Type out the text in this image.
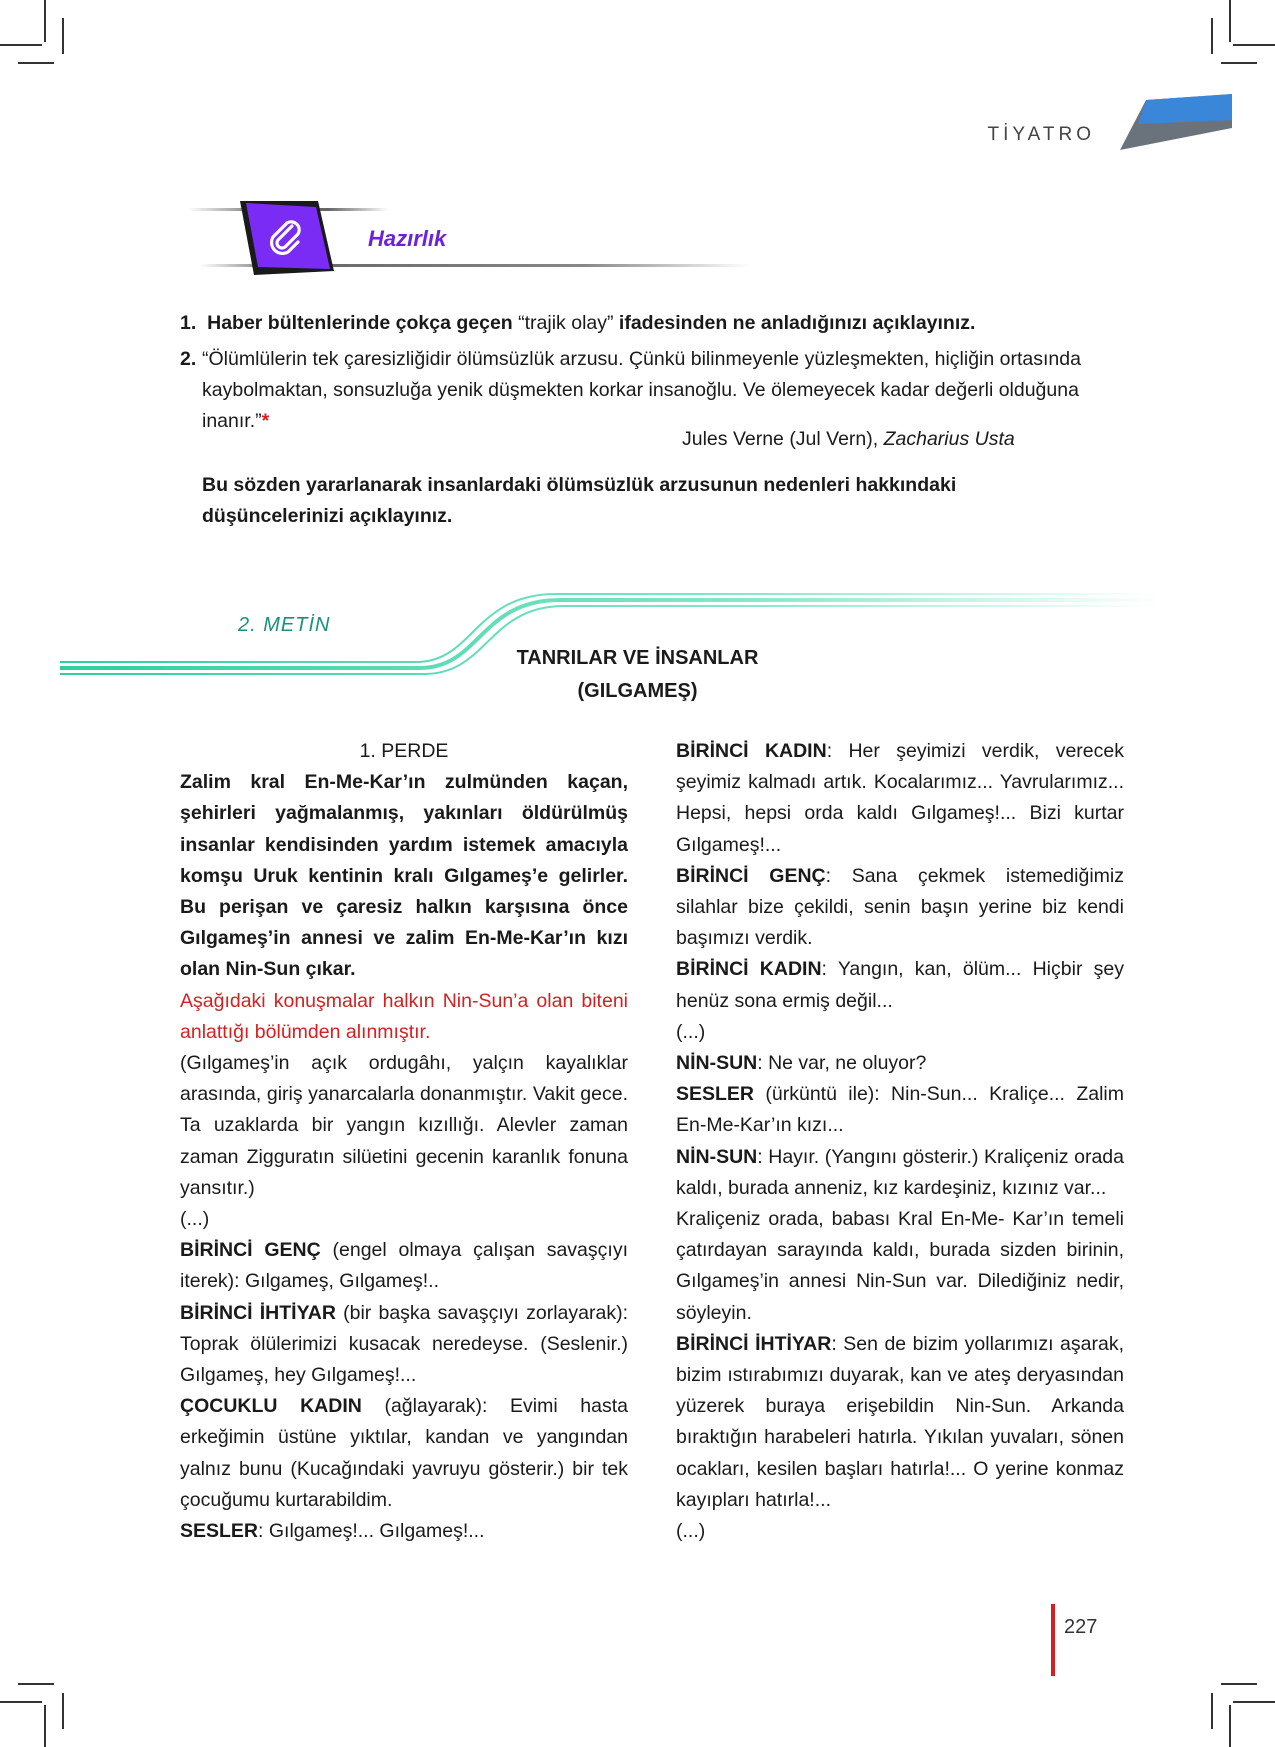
TİYATRO
Hazırlık
1. Haber bültenlerinde çokça geçen “trajik olay” ifadesinden ne anladığınızı açıklayınız.
2. “Ölümlülerin tek çaresizliğidir ölümsüzlük arzusu. Çünkü bilinmeyenle yüzleşmekten, hiçliğin ortasında kaybolmaktan, sonsuzluğa yenik düşmekten korkar insanoğlu. Ve ölemeyecek kadar değerli olduğuna inanır.”*
Jules Verne (Jul Vern), Zacharius Usta
Bu sözden yararlanarak insanlardaki ölümsüzlük arzusunun nedenleri hakkındaki düşüncelerinizi açıklayınız.
2. METİN
TANRILAR VE İNSANLAR
(GILGAMEŞ)

1. PERDE

Zalim kral En-Me-Kar’ın zulmünden kaçan, şehirleri yağmalanmış, yakınları öldürülmüş insanlar kendisinden yardım istemek amacıyla komşu Uruk kentinin kralı Gılgameş’e gelirler. Bu perişan ve çaresiz halkın karşısına önce Gılgameş’in annesi ve zalim En-Me-Kar’ın kızı olan Nin-Sun çıkar.

Aşağıdaki konuşmalar halkın Nin-Sun’a olan biteni anlattığı bölümden alınmıştır.

(Gılgameş’in açık ordugâhı, yalçın kayalıklar arasında, giriş yanarcalarla donanmıştır. Vakit gece. Ta uzaklarda bir yangın kızıllığı. Alevler zaman zaman Zigguratın silüetini gecenin karanlık fonuna yansıtır.)

(...)

BİRİNCİ GENÇ (engel olmaya çalışan savaşçıyı iterek): Gılgameş, Gılgameş!..

BİRİNCİ İHTİYAR (bir başka savaşçıyı zorlayarak): Toprak ölülerimizi kusacak neredeyse. (Seslenir.) Gılgameş, hey Gılgameş!...

ÇOCUKLU KADIN (ağlayarak): Evimi hasta erkeğimin üstüne yıktılar, kandan ve yangından yalnız bunu (Kucağındaki yavruyu gösterir.) bir tek çocuğumu kurtarabildim.

SESLER: Gılgameş!... Gılgameş!...

BİRİNCİ KADIN: Her şeyimizi verdik, verecek şeyimiz kalmadı artık. Kocalarımız... Yavrularımız... Hepsi, hepsi orda kaldı Gılgameş!... Bizi kurtar Gılgameş!...

BİRİNCİ GENÇ: Sana çekmek istemediğimiz silahlar bize çekildi, senin başın yerine biz kendi başımızı verdik.

BİRİNCİ KADIN: Yangın, kan, ölüm... Hiçbir şey henüz sona ermiş değil...

(...)

NİN-SUN: Ne var, ne oluyor?

SESLER (ürküntü ile): Nin-Sun... Kraliçe... Zalim En-Me-Kar’ın kızı...

NİN-SUN: Hayır. (Yangını gösterir.) Kraliçeniz orada kaldı, burada anneniz, kız kardeşiniz, kızınız var...

Kraliçeniz orada, babası Kral En-Me- Kar’ın temeli çatırdayan sarayında kaldı, burada sizden birinin, Gılgameş’in annesi Nin-Sun var. Dilediğiniz nedir, söyleyin.

BİRİNCİ İHTİYAR: Sen de bizim yollarımızı aşarak, bizim ıstırabımızı duyarak, kan ve ateş deryasından yüzerek buraya erişebildin Nin-Sun. Arkanda bıraktığın harabeleri hatırla. Yıkılan yuvaları, sönen ocakları, kesilen başları hatırla!... O yerine konmaz kayıpları hatırla!...

(...)

227
